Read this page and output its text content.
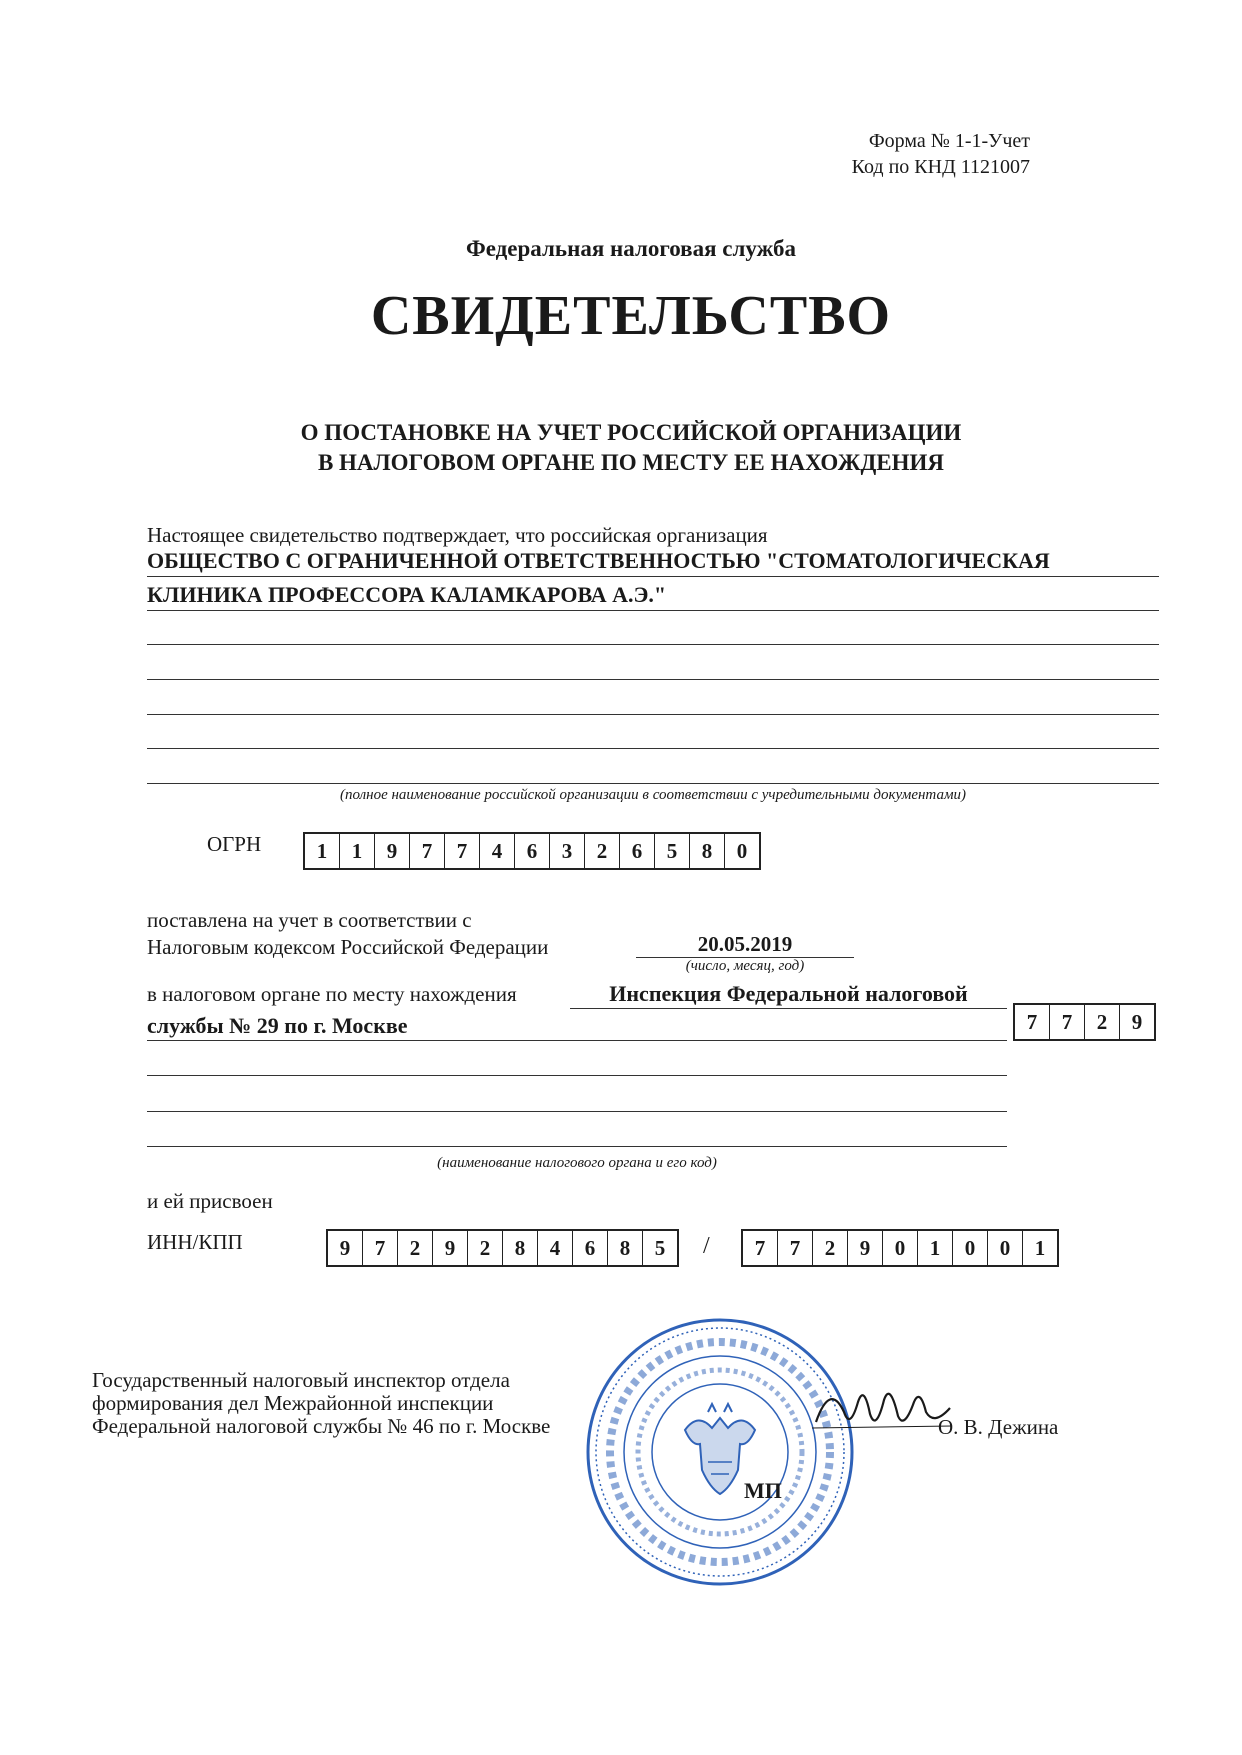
Форма № 1-1-Учет
Код по КНД 1121007
Федеральная налоговая служба
СВИДЕТЕЛЬСТВО
О ПОСТАНОВКЕ НА УЧЕТ РОССИЙСКОЙ ОРГАНИЗАЦИИ
В НАЛОГОВОМ ОРГАНЕ ПО МЕСТУ ЕЕ НАХОЖДЕНИЯ
Настоящее свидетельство подтверждает, что российская организация
ОБЩЕСТВО С ОГРАНИЧЕННОЙ ОТВЕТСТВЕННОСТЬЮ "СТОМАТОЛОГИЧЕСКАЯ
КЛИНИКА ПРОФЕССОРА КАЛАМКАРОВА А.Э."
(полное наименование российской организации в соответствии с учредительными документами)
ОГРН	1	1	9	7	7	4	6	3	2	6	5	8	0
поставлена на учет в соответствии с
Налоговым кодексом Российской Федерации	20.05.2019
(число, месяц, год)
в налоговом органе по месту нахождения	Инспекция Федеральной налоговой
службы № 29 по г. Москве	7	7	2	9
(наименование налогового органа и его код)
и ей присвоен
ИНН/КПП	9	7	2	9	2	8	4	6	8	5	/	7	7	2	9	0	1	0	0	1
Государственный налоговый инспектор отдела
формирования дел Межрайонной инспекции
Федеральной налоговой службы № 46 по г. Москве
МП
О. В. Дежина
